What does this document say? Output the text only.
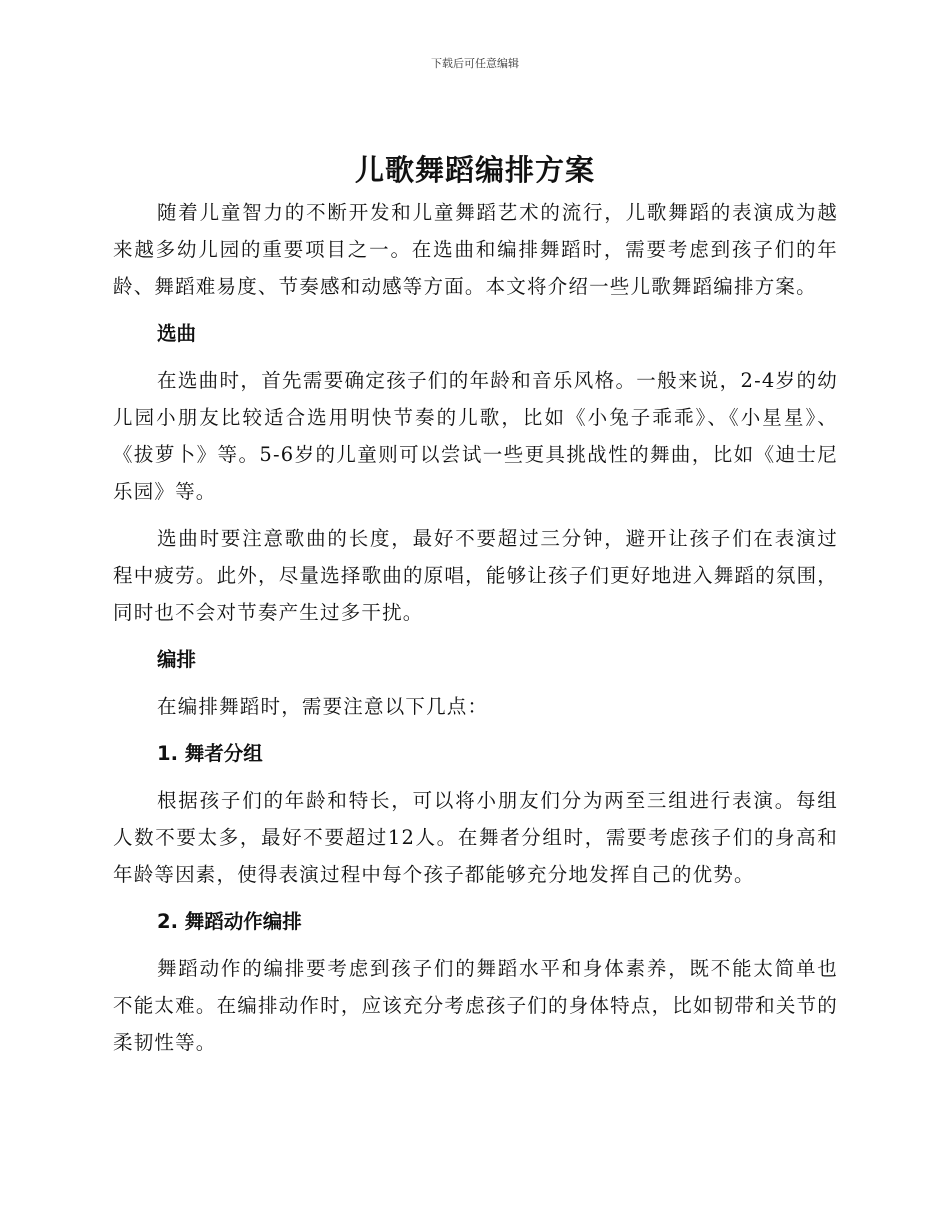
下载后可任意编辑
儿歌舞蹈编排方案

随着儿童智力的不断开发和儿童舞蹈艺术的流行，儿歌舞蹈的表演成为越来越多幼儿园的重要项目之一。在选曲和编排舞蹈时，需要考虑到孩子们的年龄、舞蹈难易度、节奏感和动感等方面。本文将介绍一些儿歌舞蹈编排方案。

选曲

在选曲时，首先需要确定孩子们的年龄和音乐风格。一般来说，2-4岁的幼儿园小朋友比较适合选用明快节奏的儿歌，比如《小兔子乖乖》、《小星星》、《拔萝卜》等。5-6岁的儿童则可以尝试一些更具挑战性的舞曲，比如《迪士尼乐园》等。

选曲时要注意歌曲的长度，最好不要超过三分钟，避开让孩子们在表演过程中疲劳。此外，尽量选择歌曲的原唱，能够让孩子们更好地进入舞蹈的氛围，同时也不会对节奏产生过多干扰。

编排

在编排舞蹈时，需要注意以下几点：

1. 舞者分组

根据孩子们的年龄和特长，可以将小朋友们分为两至三组进行表演。每组人数不要太多，最好不要超过12人。在舞者分组时，需要考虑孩子们的身高和年龄等因素，使得表演过程中每个孩子都能够充分地发挥自己的优势。

2. 舞蹈动作编排

舞蹈动作的编排要考虑到孩子们的舞蹈水平和身体素养，既不能太简单也不能太难。在编排动作时，应该充分考虑孩子们的身体特点，比如韧带和关节的柔韧性等。
